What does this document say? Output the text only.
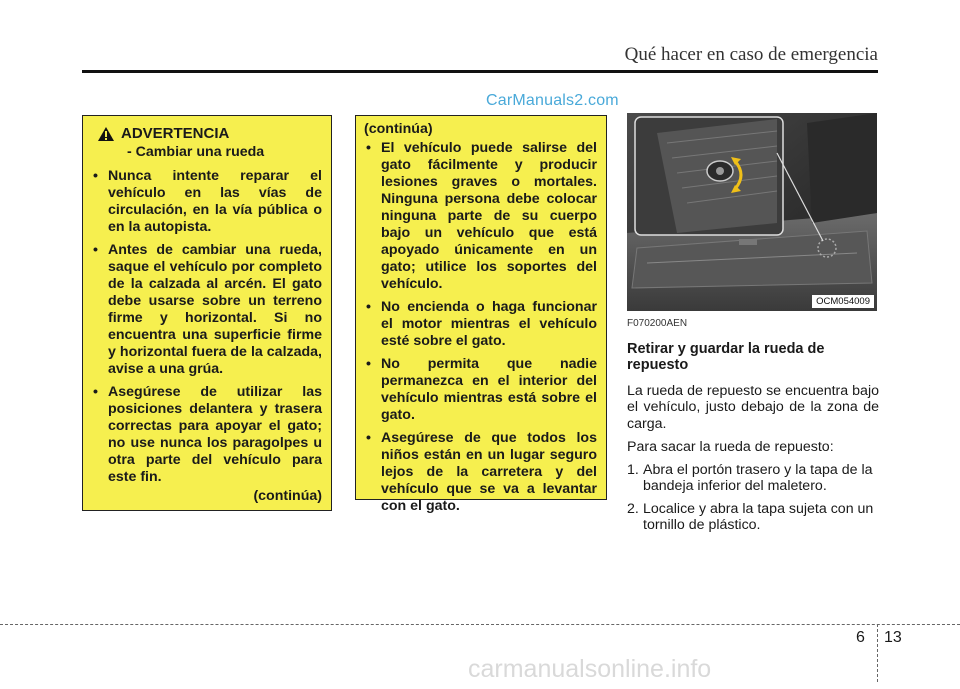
Qué hacer en caso de emergencia
CarManuals2.com
ADVERTENCIA
- Cambiar una rueda
• Nunca intente reparar el vehículo en las vías de circulación, en la vía pública o en la autopista.
• Antes de cambiar una rueda, saque el vehículo por completo de la calzada al arcén. El gato debe usarse sobre un terreno firme y horizontal. Si no encuentra una superficie firme y horizontal fuera de la calzada, avise a una grúa.
• Asegúrese de utilizar las posiciones delantera y trasera correctas para apoyar el gato; no use nunca los paragolpes u otra parte del vehículo para este fin.
(continúa)
(continúa)
• El vehículo puede salirse del gato fácilmente y producir lesiones graves o mortales. Ninguna persona debe colocar ninguna parte de su cuerpo bajo un vehículo que está apoyado únicamente en un gato; utilice los soportes del vehículo.
• No encienda o haga funcionar el motor mientras el vehículo esté sobre el gato.
• No permita que nadie permanezca en el interior del vehículo mientras está sobre el gato.
• Asegúrese de que todos los niños están en un lugar seguro lejos de la carretera y del vehículo que se va a levantar con el gato.
OCM054009
F070200AEN
Retirar y guardar la rueda de repuesto
La rueda de repuesto se encuentra bajo el vehículo, justo debajo de la zona de carga.
Para sacar la rueda de repuesto:
1. Abra el portón trasero y la tapa de la bandeja inferior del maletero.
2. Localice y abra la tapa sujeta con un tornillo de plástico.
6 13
carmanualsonline.info
